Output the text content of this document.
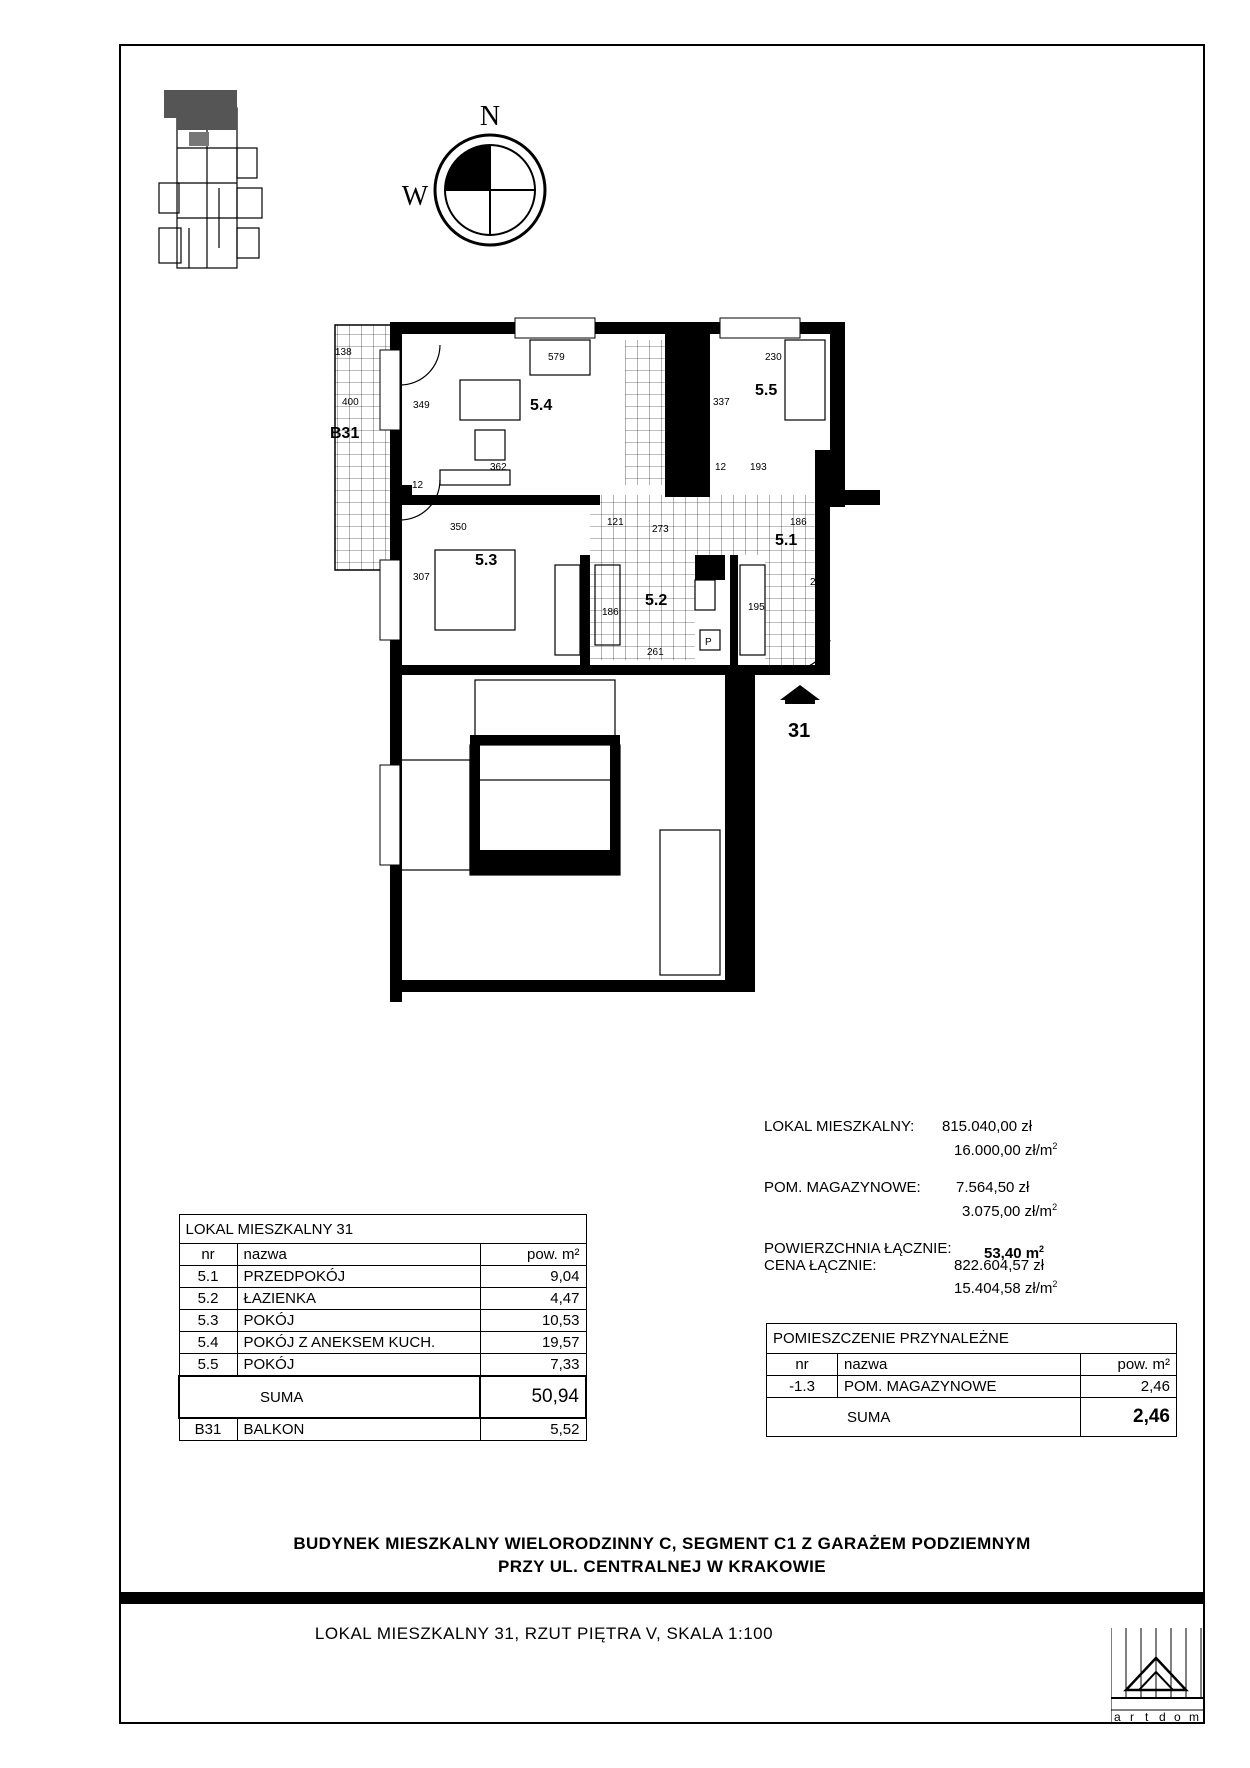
N
W
5.4
5.5
5.3
5.2
5.1
B31
31
579	230
138
400	349
362
337
193
217	12
12
350	121
273
186
307	219
186
261
195
Z
P
LOKAL MIESZKALNY: 815.040,00 zł
16.000,00 $zł/m^2$
POM. MAGAZYNOWE: 7.564,50 zł
3.075,00 $zł/m^2$
POWIERZCHNIA ŁĄCZNIE: 53,40 $m^2$
CENA ŁĄCZNIE:	822.604,57 zł
15.404,58 $zł/m^2$
LOKAL MIESZKALNY 31		
nr	nazwa	pow. m²
5.1	PRZEDPOKÓJ	9,04
5.2	ŁAZIENKA	4,47
5.3	POKÓJ	10,53
5.4	POKÓJ Z ANEKSEM KUCH.	19,57
5.5	POKÓJ	7,33
SUMA		50,94
B31	BALKON	5,52
POMIESZCZENIE PRZYNALEŻNE		
nr	nazwa	pow. m²
-1.3	POM. MAGAZYNOWE	2,46
SUMA		2,46
BUDYNEK MIESZKALNY WIELORODZINNY C, SEGMENT C1 Z GARAŻEM PODZIEMNYM
PRZY UL. CENTRALNEJ W KRAKOWIE
LOKAL MIESZKALNY 31, RZUT PIĘTRA V, SKALA 1:100
a r t d o m
